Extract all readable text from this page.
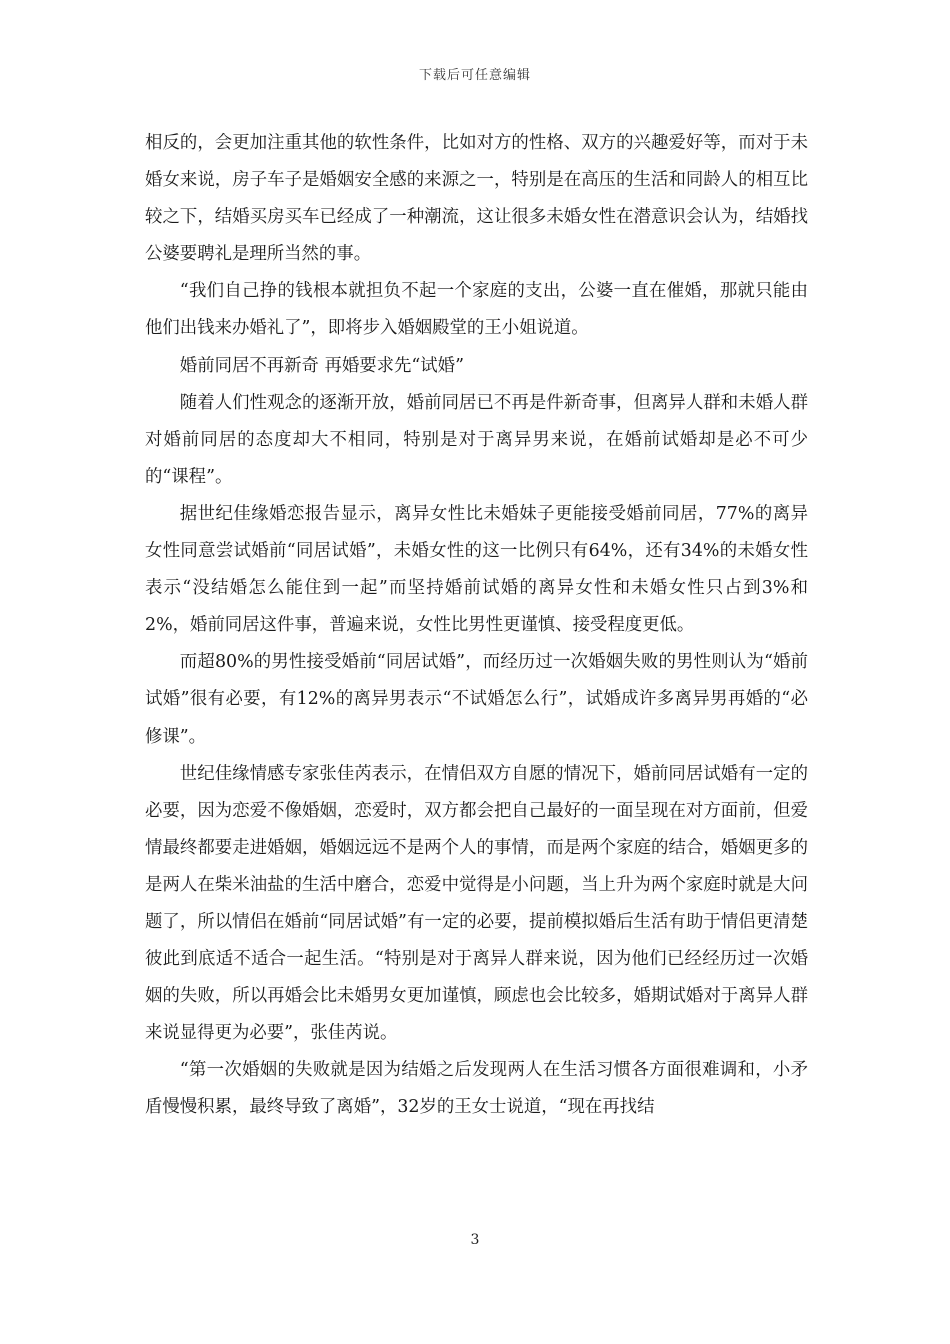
下载后可任意编辑

相反的，会更加注重其他的软性条件，比如对方的性格、双方的兴趣爱好等，而对于未婚女来说，房子车子是婚姻安全感的来源之一，特别是在高压的生活和同龄人的相互比较之下，结婚买房买车已经成了一种潮流，这让很多未婚女性在潜意识会认为，结婚找公婆要聘礼是理所当然的事。

“我们自己挣的钱根本就担负不起一个家庭的支出，公婆一直在催婚，那就只能由他们出钱来办婚礼了”，即将步入婚姻殿堂的王小姐说道。

婚前同居不再新奇 再婚要求先“试婚”

随着人们性观念的逐渐开放，婚前同居已不再是件新奇事，但离异人群和未婚人群对婚前同居的态度却大不相同，特别是对于离异男来说，在婚前试婚却是必不可少的“课程”。

据世纪佳缘婚恋报告显示，离异女性比未婚妹子更能接受婚前同居，77%的离异女性同意尝试婚前“同居试婚”，未婚女性的这一比例只有64%，还有34%的未婚女性表示“没结婚怎么能住到一起”而坚持婚前试婚的离异女性和未婚女性只占到3%和2%，婚前同居这件事，普遍来说，女性比男性更谨慎、接受程度更低。

而超80%的男性接受婚前“同居试婚”，而经历过一次婚姻失败的男性则认为“婚前试婚”很有必要，有12%的离异男表示“不试婚怎么行”，试婚成许多离异男再婚的“必修课”。

世纪佳缘情感专家张佳芮表示，在情侣双方自愿的情况下，婚前同居试婚有一定的必要，因为恋爱不像婚姻，恋爱时，双方都会把自己最好的一面呈现在对方面前，但爱情最终都要走进婚姻，婚姻远远不是两个人的事情，而是两个家庭的结合，婚姻更多的是两人在柴米油盐的生活中磨合，恋爱中觉得是小问题，当上升为两个家庭时就是大问题了，所以情侣在婚前“同居试婚”有一定的必要，提前模拟婚后生活有助于情侣更清楚彼此到底适不适合一起生活。“特别是对于离异人群来说，因为他们已经经历过一次婚姻的失败，所以再婚会比未婚男女更加谨慎，顾虑也会比较多，婚期试婚对于离异人群来说显得更为必要”，张佳芮说。

“第一次婚姻的失败就是因为结婚之后发现两人在生活习惯各方面很难调和，小矛盾慢慢积累，最终导致了离婚”，32岁的王女士说道，“现在再找结

3
